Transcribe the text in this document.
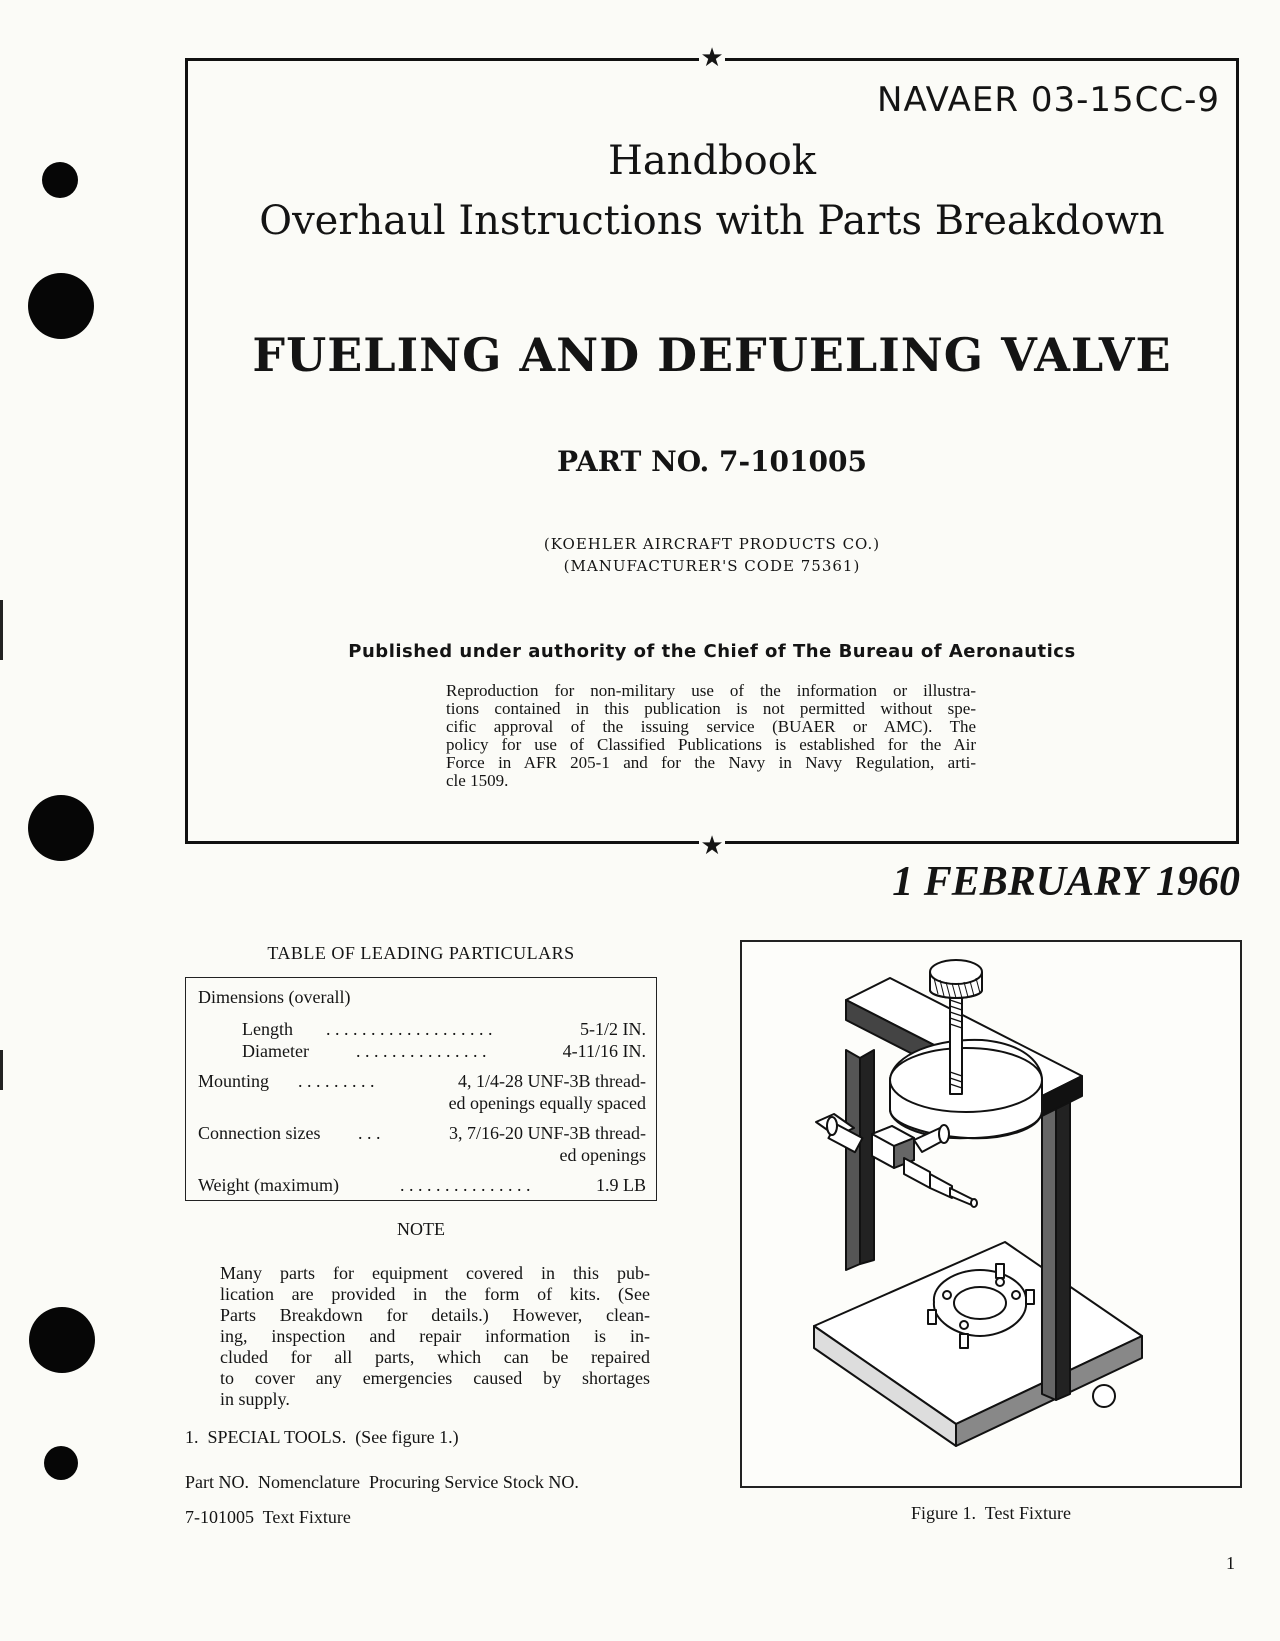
★
★
NAVAER 03-15CC-9
Handbook
Overhaul Instructions with Parts Breakdown
FUELING AND DEFUELING VALVE
PART NO. 7-101005
(KOEHLER AIRCRAFT PRODUCTS CO.)
(MANUFACTURER'S CODE 75361)
Published under authority of the Chief of The Bureau of Aeronautics
Reproduction for non-military use of the information or illustra-
tions contained in this publication is not permitted without spe-
cific approval of the issuing service (BUAER or AMC). The
policy for use of Classified Publications is established for the Air
Force in AFR 205-1 and for the Navy in Navy Regulation, arti-
cle 1509.
1 FEBRUARY 1960
TABLE OF LEADING PARTICULARS
Dimensions (overall)
Length . . . . . . . . . . . . . . . . . . .	5-1/2 IN.
Diameter	. . . . . . . . . . . . . . .	4-11/16 IN.
Mounting . . . . . . . . .	4, 1/4-28 UNF-3B thread-
ed openings equally spaced
Connection sizes . . .	3, 7/16-20 UNF-3B thread-
ed openings
Weight (maximum)	. . . . . . . . . . . . . . .	1.9 LB
NOTE
Many parts for equipment covered in this pub-
lication are provided in the form of kits. (See
Parts Breakdown for details.) However, clean-
ing, inspection and repair information is in-
cluded for all parts, which can be repaired
to cover any emergencies caused by shortages
in supply.
1.  SPECIAL TOOLS.  (See figure 1.)
Part NO.  Nomenclature  Procuring Service Stock NO.
7-101005  Text Fixture	Figure 1.  Test Fixture
1
